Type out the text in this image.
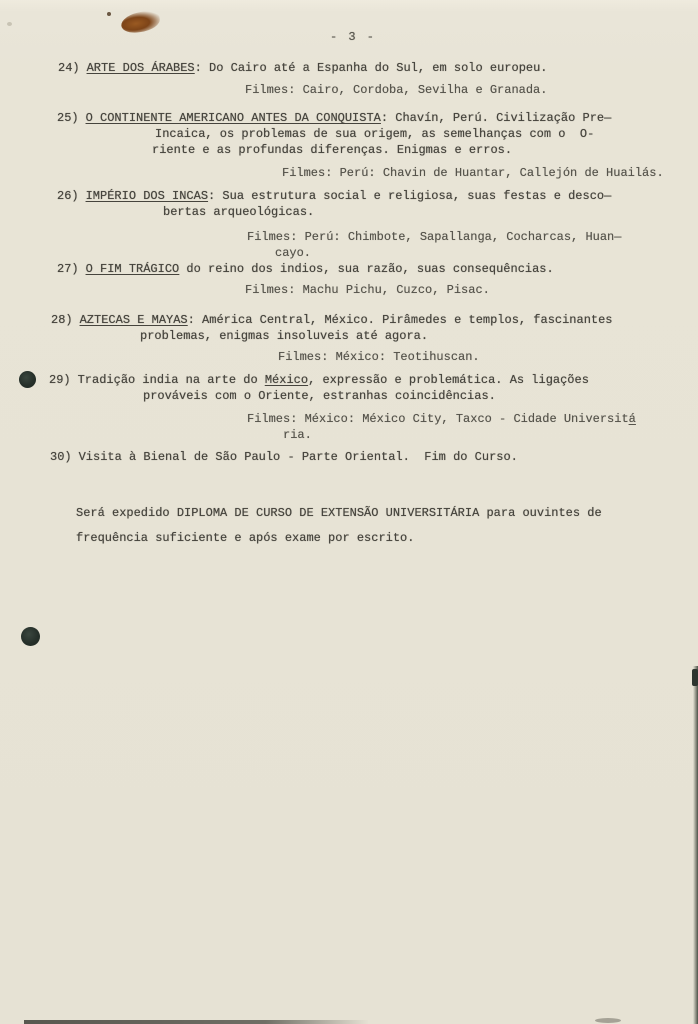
- 3 -
24) ARTE DOS ÁRABES: Do Cairo até a Espanha do Sul, em solo europeu.
Filmes: Cairo, Cordoba, Sevilha e Granada.
25) O CONTINENTE AMERICANO ANTES DA CONQUISTA: Chavín, Perú. Civilização Pre—
Incaica, os problemas de sua origem, as semelhanças com o  O-
riente e as profundas diferenças. Enigmas e erros.
Filmes: Perú: Chavin de Huantar, Callejón de Huailás.
26) IMPÉRIO DOS INCAS: Sua estrutura social e religiosa, suas festas e desco—
bertas arqueológicas.
Filmes: Perú: Chimbote, Sapallanga, Cocharcas, Huan—
cayo.
27) O FIM TRÁGICO do reino dos indios, sua razão, suas consequências.
Filmes: Machu Pichu, Cuzco, Pisac.
28) AZTECAS E MAYAS: América Central, México. Pirâmedes e templos, fascinantes
problemas, enigmas insoluveis até agora.
Filmes: México: Teotihuscan.
29) Tradição india na arte do México, expressão e problemática. As ligações
prováveis com o Oriente, estranhas coincidências.
Filmes: México: México City, Taxco - Cidade Universitá
ria.
30) Visita à Bienal de São Paulo - Parte Oriental.  Fim do Curso.
Será expedido DIPLOMA DE CURSO DE EXTENSÃO UNIVERSITÁRIA para ouvintes de
frequência suficiente e após exame por escrito.
